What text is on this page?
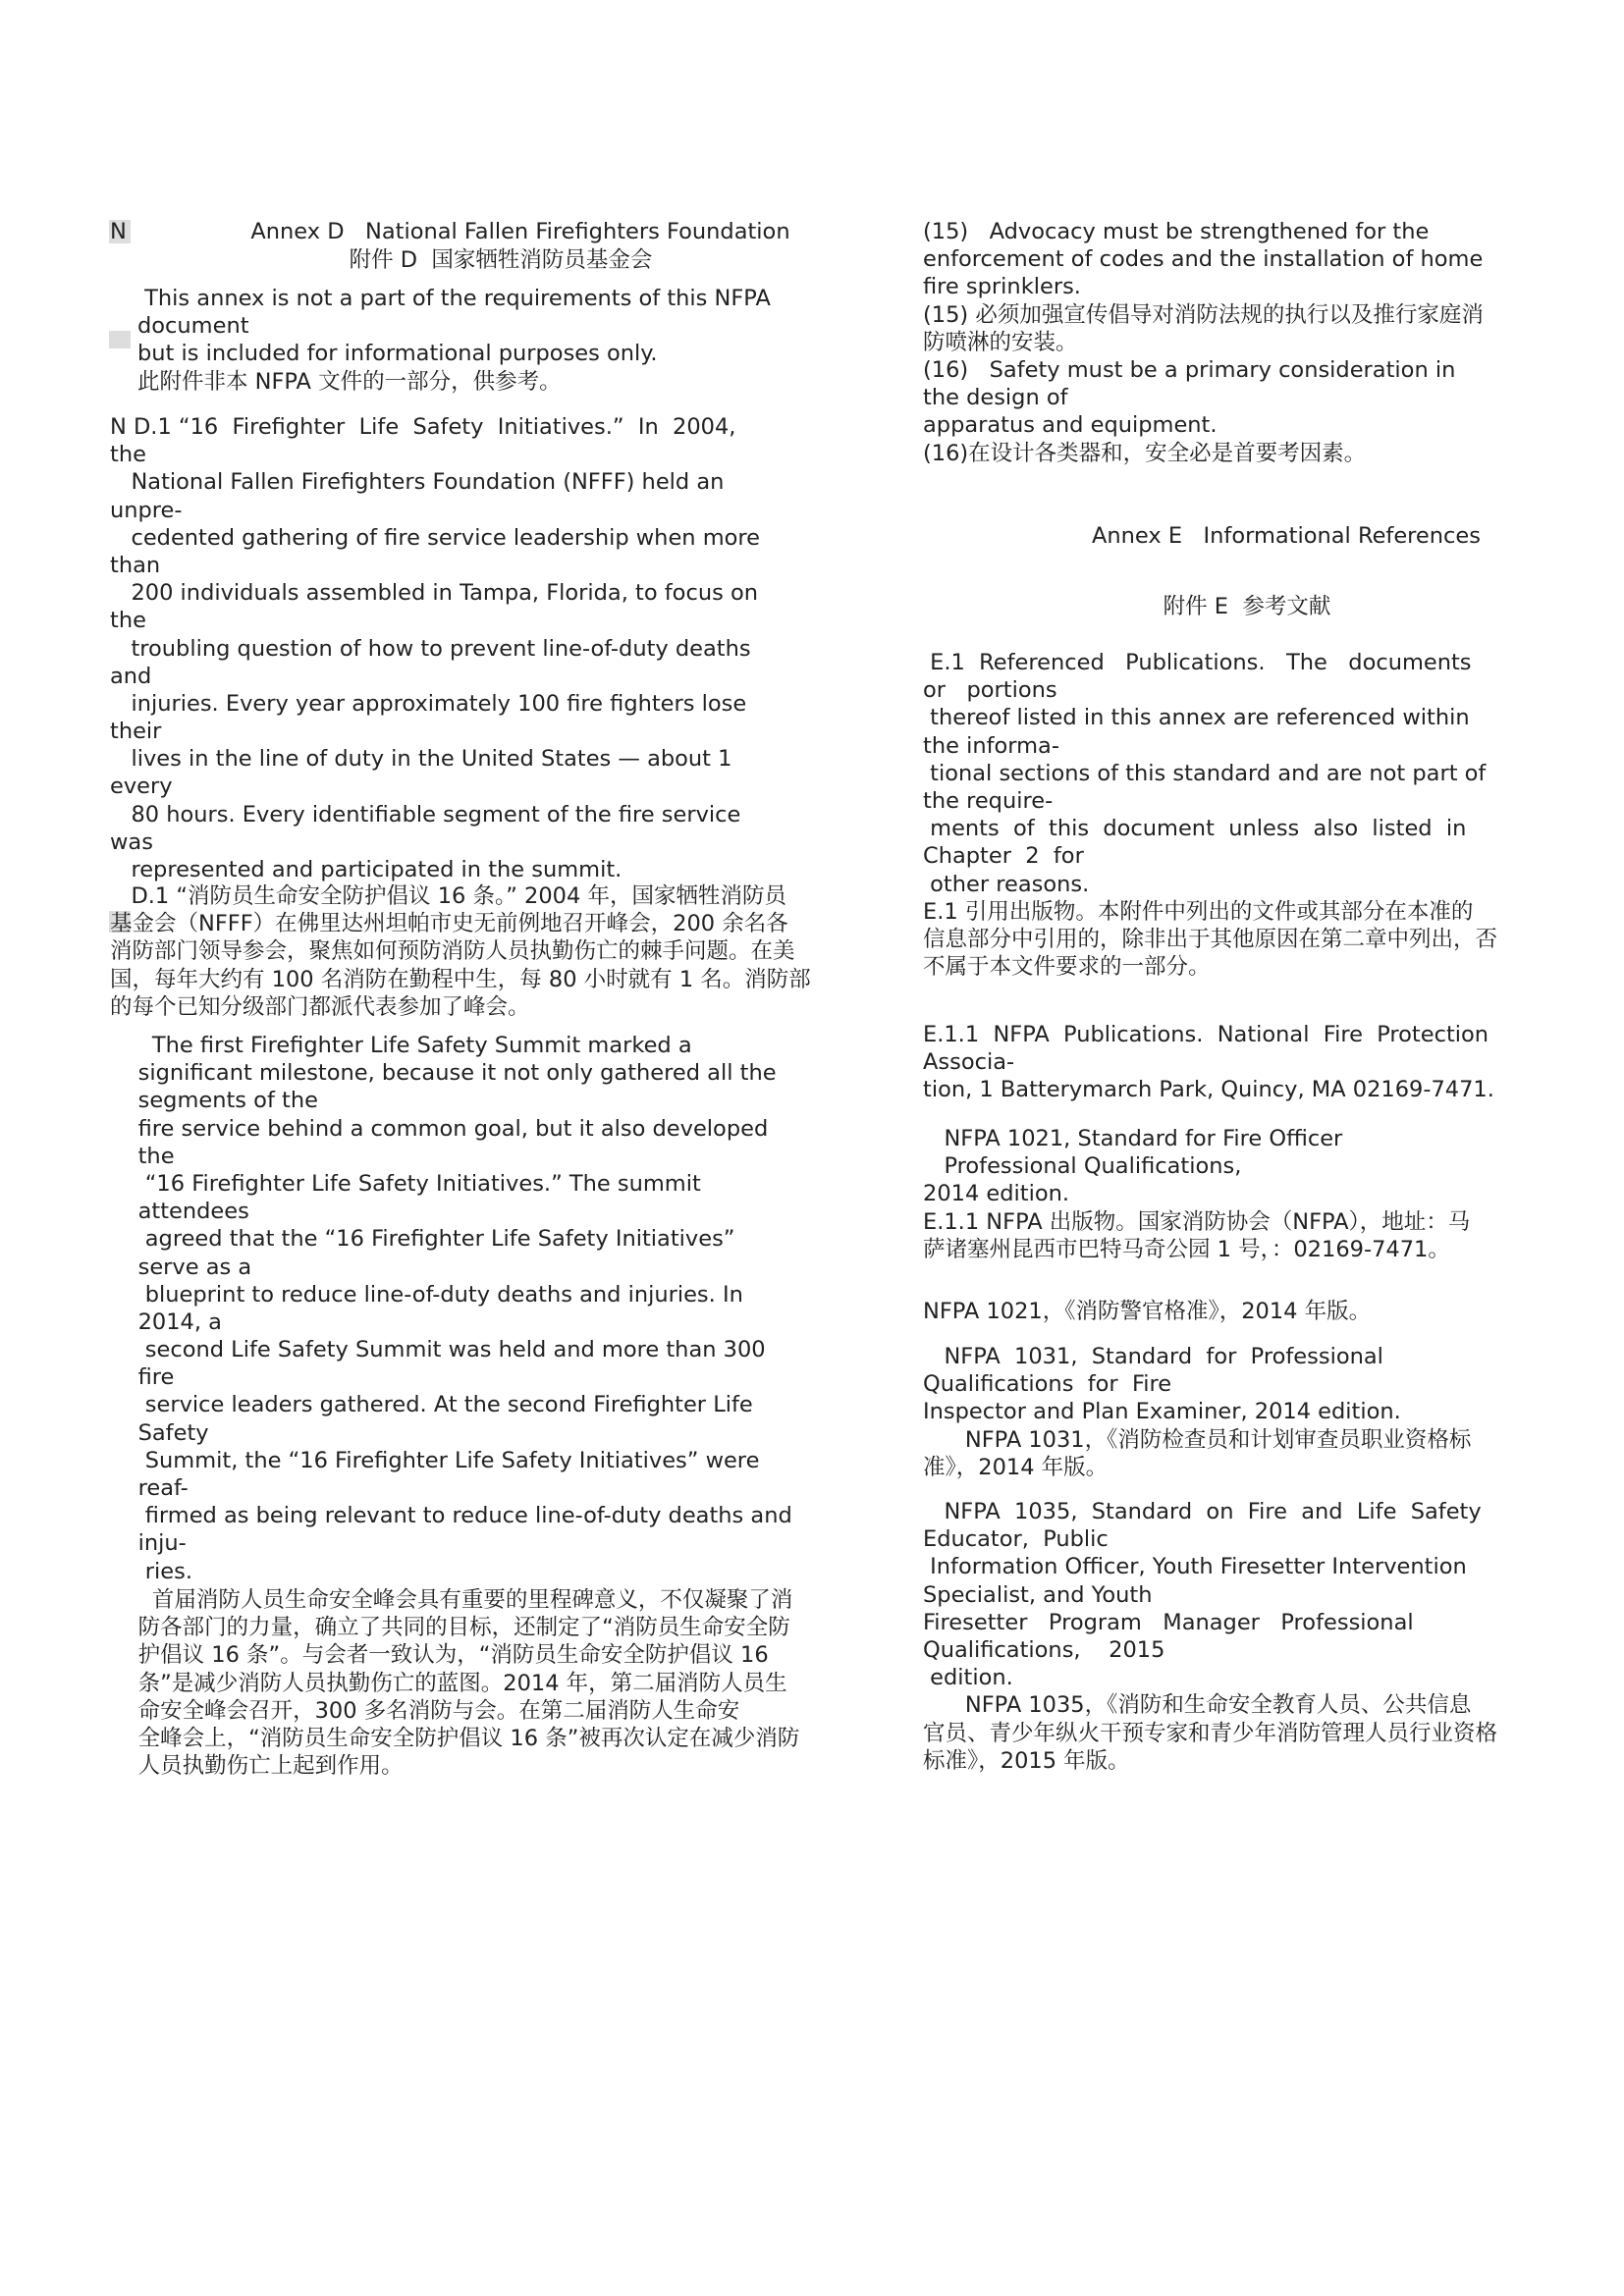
N	Annex D   National Fallen Firefighters Foundation
附件 D  国家牺牲消防员基金会
This annex is not a part of the requirements of this NFPA
document
but is included for informational purposes only.
此附件非本 NFPA 文件的一部分，供参考。
N D.1 “16  Firefighter  Life  Safety  Initiatives.”  In  2004,
the
National Fallen Firefighters Foundation (NFFF) held an
unpre-
cedented gathering of fire service leadership when more
than
200 individuals assembled in Tampa, Florida, to focus on
the
troubling question of how to prevent line-of-duty deaths
and
injuries. Every year approximately 100 fire fighters lose
their
lives in the line of duty in the United States — about 1
every
80 hours. Every identifiable segment of the fire service
was
represented and participated in the summit.
D.1 “消防员生命安全防护倡议 16 条。” 2004 年，国家牺牲消防员
基金会（NFFF）在佛里达州坦帕市史无前例地召开峰会，200 余名各
消防部门领导参会，聚焦如何预防消防人员执勤伤亡的棘手问题。在美
国，每年大约有 100 名消防在勤程中生，每 80 小时就有 1 名。消防部
的每个已知分级部门都派代表参加了峰会。
The first Firefighter Life Safety Summit marked a
significant milestone, because it not only gathered all the
segments of the
fire service behind a common goal, but it also developed
the
“16 Firefighter Life Safety Initiatives.” The summit
attendees
agreed that the “16 Firefighter Life Safety Initiatives”
serve as a
blueprint to reduce line-of-duty deaths and injuries. In
2014, a
second Life Safety Summit was held and more than 300
fire
service leaders gathered. At the second Firefighter Life
Safety
Summit, the “16 Firefighter Life Safety Initiatives” were
reaf-
firmed as being relevant to reduce line-of-duty deaths and
inju-
ries.
首届消防人员生命安全峰会具有重要的里程碑意义，不仅凝聚了消
防各部门的力量，确立了共同的目标，还制定了“消防员生命安全防
护倡议 16 条”。与会者一致认为，“消防员生命安全防护倡议 16
条”是减少消防人员执勤伤亡的蓝图。2014 年，第二届消防人员生
命安全峰会召开，300 多名消防与会。在第二届消防人生命安
全峰会上，“消防员生命安全防护倡议 16 条”被再次认定在减少消防
人员执勤伤亡上起到作用。
(15)   Advocacy must be strengthened for the
enforcement of codes and the installation of home
fire sprinklers.
(15) 必须加强宣传倡导对消防法规的执行以及推行家庭消
防喷淋的安装。
(16)   Safety must be a primary consideration in
the design of
apparatus and equipment.
(16)在设计各类器和，安全必是首要考因素。
Annex E   Informational References
附件 E  参考文献
E.1  Referenced   Publications.   The   documents
or   portions
thereof listed in this annex are referenced within
the informa-
tional sections of this standard and are not part of
the require-
ments  of  this  document  unless  also  listed  in
Chapter  2  for
other reasons.
E.1 引用出版物。本附件中列出的文件或其部分在本准的
信息部分中引用的，除非出于其他原因在第二章中列出，否
不属于本文件要求的一部分。
E.1.1  NFPA  Publications.  National  Fire  Protection
Associa-
tion, 1 Batterymarch Park, Quincy, MA 02169-7471.
NFPA 1021, Standard for Fire Officer
Professional Qualifications,
2014 edition.
E.1.1 NFPA 出版物。国家消防协会（NFPA），地址：马
萨诸塞州昆西市巴特马奇公园 1 号，：02169-7471。
NFPA 1021，《消防警官格准》，2014 年版。
NFPA  1031,  Standard  for  Professional
Qualifications  for  Fire
Inspector and Plan Examiner, 2014 edition.
NFPA 1031，《消防检查员和计划审查员职业资格标
准》，2014 年版。
NFPA  1035,  Standard  on  Fire  and  Life  Safety
Educator,  Public
Information Officer, Youth Firesetter Intervention
Specialist, and Youth
Firesetter   Program   Manager   Professional
Qualifications,    2015
edition.
NFPA 1035，《消防和生命安全教育人员、公共信息
官员、青少年纵火干预专家和青少年消防管理人员行业资格
标准》，2015 年版。
